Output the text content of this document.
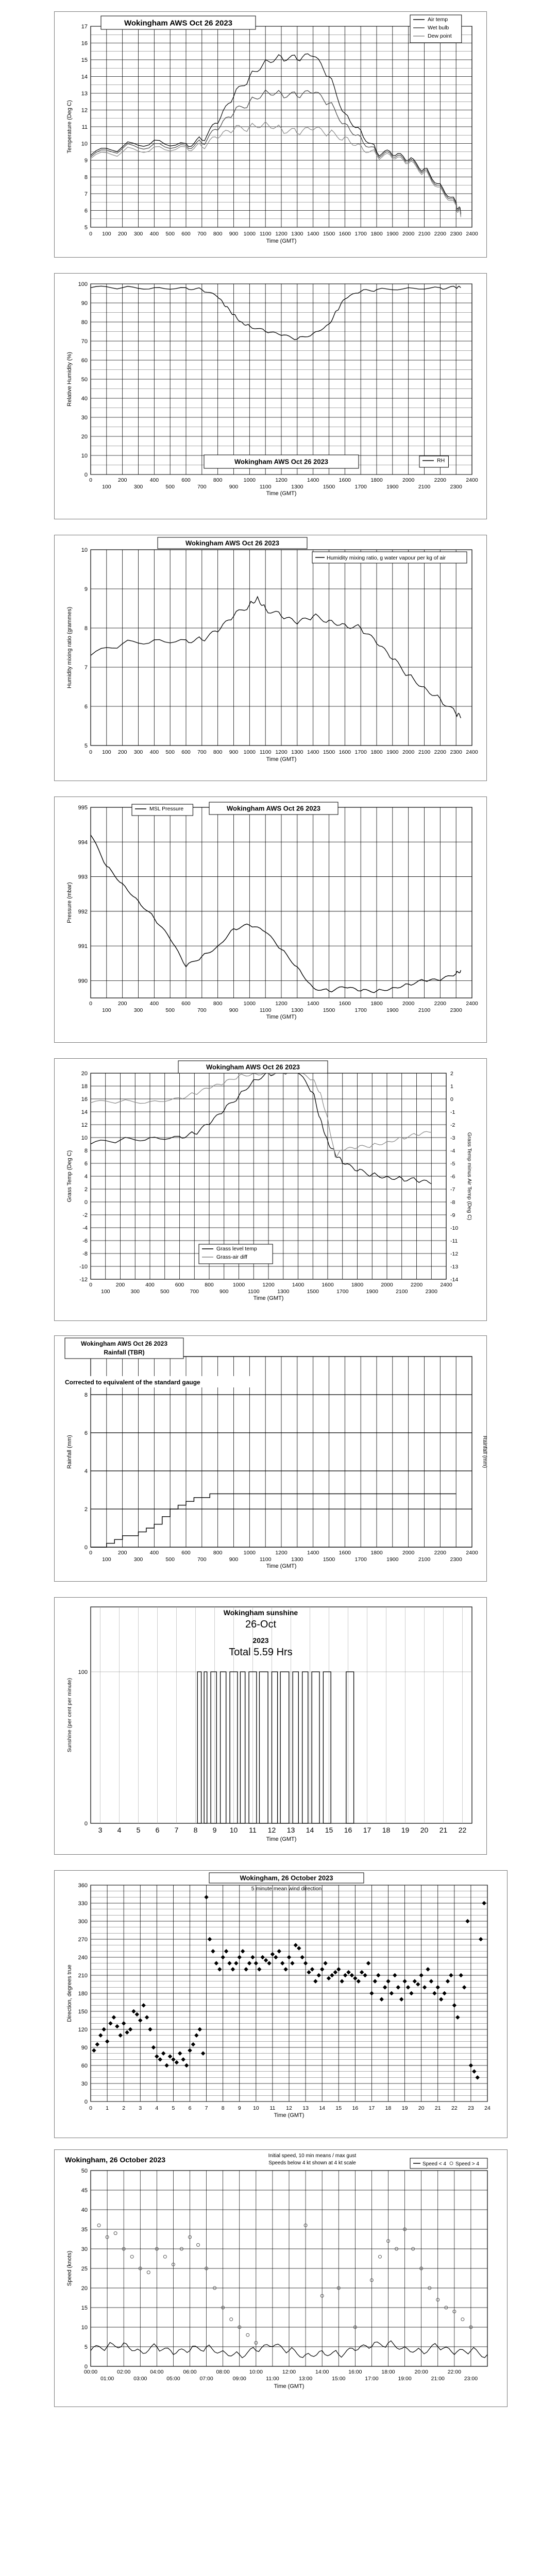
5
6
7
8
9
10
11
12
13
14
15
16
17
0 100 200 300 400 500 600 700 800 900 1000 1100 1200 1300 1400 1500 1600 1700 1800 1900 2000 2100 2200 2300 2400
Time (GMT)
Temperature (Deg C)
Wokingham AWS Oct 26 2023	Air temp
Wet bulb
Dew point
0
10
20
30
40
50
60
70
80
90
100
0	200	400	600	800	1000	1200	1400	1600	1800	2000	2200	2400
100	300	500	700	900	1100	1300	1500	1700	1900	2100	2300
Time (GMT)
Relative Humidity (%)
Wokingham AWS Oct 26 2023	RH
5
6
7
8
9
10
0 100 200 300 400 500 600 700 800 900 1000 1100 1200 1300 1400 1500 1600 1700 1800 1900 2000 2100 2200 2300 2400
Time (GMT)
Humidity mixing ratio (grammes)
Wokingham AWS Oct 26 2023
Humidity mixing ratio, g water vapour per kg of air
990
991
992
993
994
995
0	200	400	600	800	1000	1200	1400	1600	1800	2000	2200	2400
100	300	500	700	900	1100	1300	1500	1700	1900	2100	2300
Time (GMT)
Pressure (mbar)
MSL Pressure	Wokingham AWS Oct 26 2023
-12
-10
-8
-6
-4
-2
0
2
4
6
8
10
12
14
16
18
20
0	200	400	600	800	1000	1200	1400	1600	1800	2000	2200	2400
100	300	500	700	900	1100	1300	1500	1700	1900	2100	2300
Time (GMT)
Grass Temp (Deg C)
-14
-13
-12
-11
-10
-9
-8
-7
-6
-5
-4
-3
-2
-1
0
1
2
Grass Temp minus Air Temp (Deg C)
Wokingham AWS Oct 26 2023
Grass level temp
Grass-air diff
0
2
4
6
8
0	200	400	600	800	1000	1200	1400	1600	1800	2000	2200	2400
100	300	500	700	900	1100	1300	1500	1700	1900	2100	2300
Time (GMT)
Rainfall (mm)	Rainfall (mm)
Wokingham AWS Oct 26 2023
Rainfall (TBR)
Corrected to equivalent of the standard gauge
3 4 5 6 7 8 9 10 11 12 13 14 15 16 17 18 19 20 21 22
0
100
Time (GMT)
Sunshine (per cent per minute)
Wokingham sunshine
26-Oct
2023
Total 5.59 Hrs
0
30
60
90
120
150
180
210
240
270
300
330
360
0 1 2 3 4 5 6 7 8 9 10 11 12 13 14 15 16 17 18 19 20 21 22 23 24
Time (GMT)
Direction, degrees true
Wokingham, 26 October 2023
5 minute mean wind direction
0
5
10
15
20
25
30
35
40
45
50
00:00	02:00	04:00	06:00	08:00	10:00	12:00	14:00	16:00	18:00	20:00	22:00
01:00	03:00	05:00	07:00	09:00	11:00	13:00	15:00	17:00	19:00	21:00	23:00
Time (GMT)
Speed (knots)
Wokingham, 26 October 2023	Initial speed, 10 min means / max gust
Speeds below 4 kt shown at 4 kt scale	Speed < 4 Speed > 4
